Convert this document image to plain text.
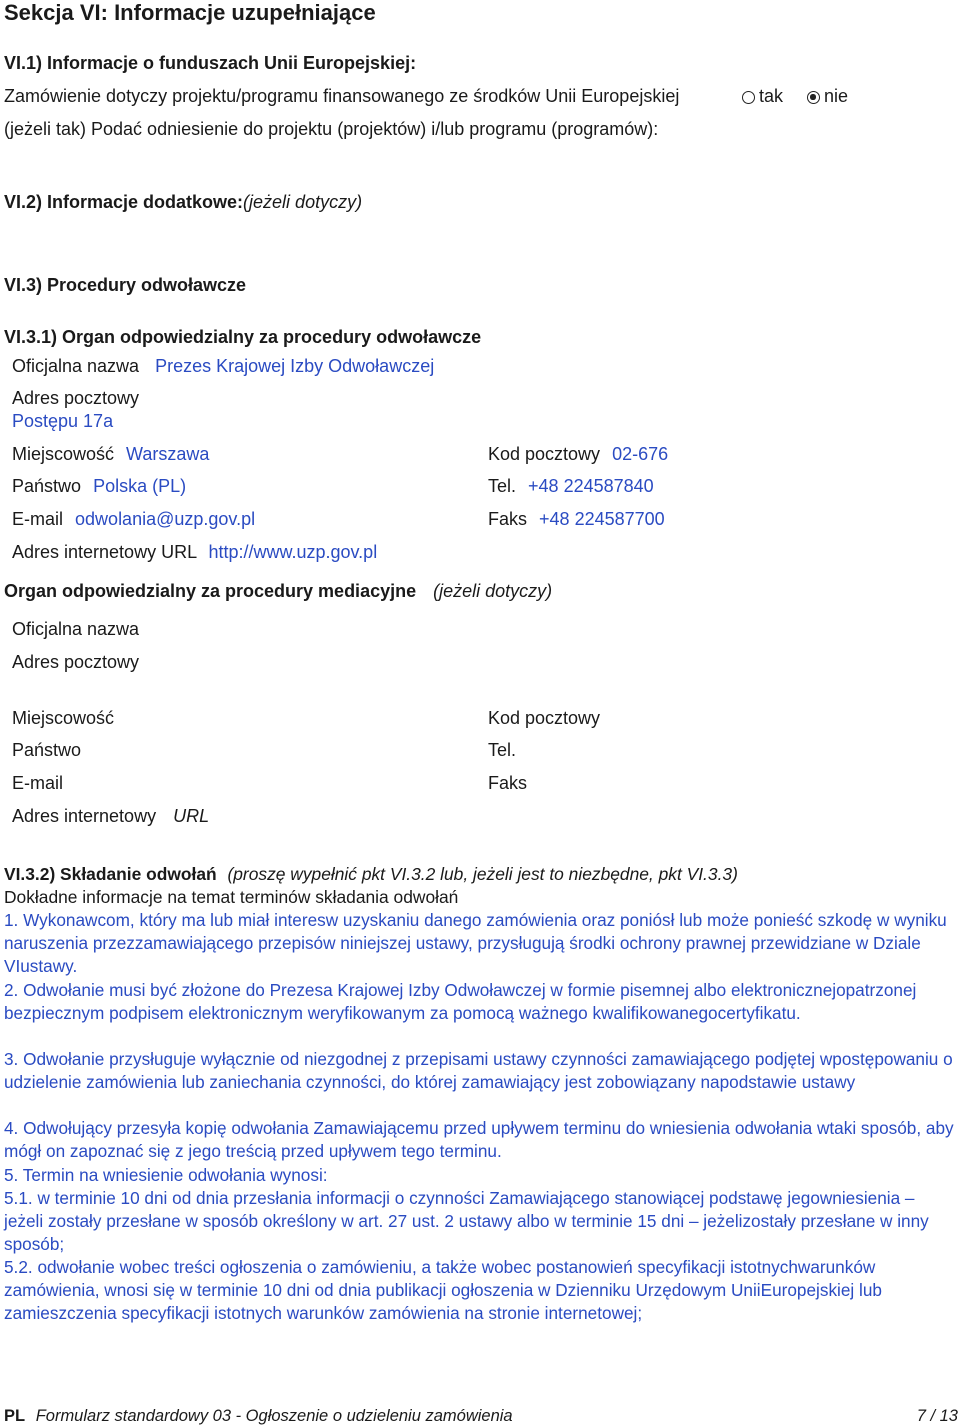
Sekcja VI: Informacje uzupełniające
VI.1) Informacje o funduszach Unii Europejskiej:
Zamówienie dotyczy projektu/programu finansowanego ze środków Unii Europejskiej	tak nie
(jeżeli tak) Podać odniesienie do projektu (projektów) i/lub programu (programów):
VI.2) Informacje dodatkowe:(jeżeli dotyczy)
VI.3) Procedury odwoławcze
VI.3.1) Organ odpowiedzialny za procedury odwoławcze
Oficjalna nazwa Prezes Krajowej Izby Odwoławczej
Adres pocztowy
Postępu 17a
Miejscowość Warszawa	Kod pocztowy 02-676
Państwo Polska (PL)	Tel. +48 224587840
E-mail odwolania@uzp.gov.pl	Faks +48 224587700
Adres internetowy URL http://www.uzp.gov.pl
Organ odpowiedzialny za procedury mediacyjne (jeżeli dotyczy)
Oficjalna nazwa
Adres pocztowy
Miejscowość	Kod pocztowy
Państwo	Tel.
E-mail	Faks
Adres internetowy URL
VI.3.2) Składanie odwołań (proszę wypełnić pkt VI.3.2 lub, jeżeli jest to niezbędne, pkt VI.3.3)
Dokładne informacje na temat terminów składania odwołań
1. Wykonawcom, który ma lub miał interesw uzyskaniu danego zamówienia oraz poniósł lub może ponieść szkodę w wyniku naruszenia przezzamawiającego przepisów niniejszej ustawy, przysługują środki ochrony prawnej przewidziane w Dziale VIustawy.
2. Odwołanie musi być złożone do Prezesa Krajowej Izby Odwoławczej w formie pisemnej albo elektronicznejopatrzonej bezpiecznym podpisem elektronicznym weryfikowanym za pomocą ważnego kwalifikowanegocertyfikatu.
3. Odwołanie przysługuje wyłącznie od niezgodnej z przepisami ustawy czynności zamawiającego podjętej wpostępowaniu o udzielenie zamówienia lub zaniechania czynności, do której zamawiający jest zobowiązany napodstawie ustawy
4. Odwołujący przesyła kopię odwołania Zamawiającemu przed upływem terminu do wniesienia odwołania wtaki sposób, aby mógł on zapoznać się z jego treścią przed upływem tego terminu.
5. Termin na wniesienie odwołania wynosi:
5.1. w terminie 10 dni od dnia przesłania informacji o czynności Zamawiającego stanowiącej podstawę jegowniesienia – jeżeli zostały przesłane w sposób określony w art. 27 ust. 2 ustawy albo w terminie 15 dni – jeżelizostały przesłane w inny sposób;
5.2. odwołanie wobec treści ogłoszenia o zamówieniu, a także wobec postanowień specyfikacji istotnychwarunków zamówienia, wnosi się w terminie 10 dni od dnia publikacji ogłoszenia w Dzienniku Urzędowym UniiEuropejskiej lub zamieszczenia specyfikacji istotnych warunków zamówienia na stronie internetowej;
PL Formularz standardowy 03 - Ogłoszenie o udzieleniu zamówienia	7 / 13
